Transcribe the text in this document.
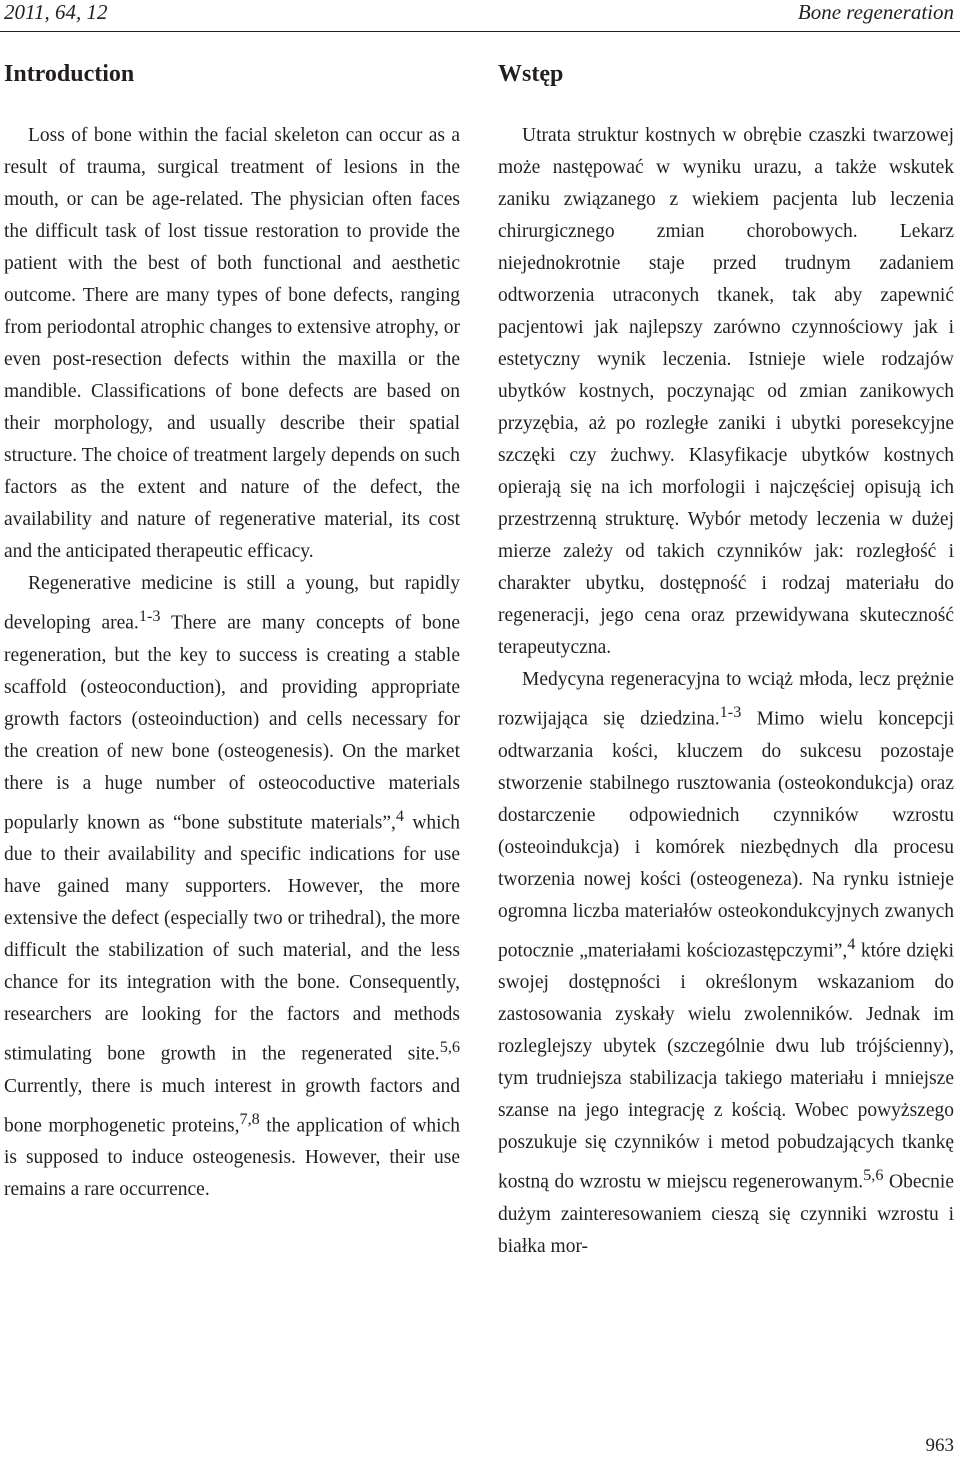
2011, 64, 12	Bone regeneration
Introduction

Loss of bone within the facial skeleton can occur as a result of trauma, surgical treatment of lesions in the mouth, or can be age-related. The physician often faces the difficult task of lost tissue restoration to provide the patient with the best of both functional and aesthetic outcome. There are many types of bone defects, ranging from periodontal atrophic changes to extensive atrophy, or even post-resection defects within the maxilla or the mandible. Classifications of bone defects are based on their morphology, and usually describe their spatial structure. The choice of treatment largely depends on such factors as the extent and nature of the defect, the availability and nature of regenerative material, its cost and the anticipated therapeutic efficacy.

Regenerative medicine is still a young, but rapidly developing area.$^{1-3}$ There are many concepts of bone regeneration, but the key to success is creating a stable scaffold (osteoconduction), and providing appropriate growth factors (osteoinduction) and cells necessary for the creation of new bone (osteogenesis). On the market there is a huge number of osteocoductive materials popularly known as “bone substitute materials”,$^4$ which due to their availability and specific indications for use have gained many supporters. However, the more extensive the defect (especially two or trihedral), the more difficult the stabilization of such material, and the less chance for its integration with the bone. Consequently, researchers are looking for the factors and methods stimulating bone growth in the regenerated site.$^{5,6}$ Currently, there is much interest in growth factors and bone morphogenetic proteins,$^{7,8}$ the application of which is supposed to induce osteogenesis. However, their use remains a rare occurrence.

Wstęp

Utrata struktur kostnych w obrębie czaszki twarzowej może następować w wyniku urazu, a także wskutek zaniku związanego z wiekiem pacjenta lub leczenia chirurgicznego zmian chorobowych. Lekarz niejednokrotnie staje przed trudnym zadaniem odtworzenia utraconych tkanek, tak aby zapewnić pacjentowi jak najlepszy zarówno czynnościowy jak i estetyczny wynik leczenia. Istnieje wiele rodzajów ubytków kostnych, poczynając od zmian zanikowych przyzębia, aż po rozległe zaniki i ubytki poresekcyjne szczęki czy żuchwy. Klasyfikacje ubytków kostnych opierają się na ich morfologii i najczęściej opisują ich przestrzenną strukturę. Wybór metody leczenia w dużej mierze zależy od takich czynników jak: rozległość i charakter ubytku, dostępność i rodzaj materiału do regeneracji, jego cena oraz przewidywana skuteczność terapeutyczna.

Medycyna regeneracyjna to wciąż młoda, lecz prężnie rozwijająca się dziedzina.$^{1-3}$ Mimo wielu koncepcji odtwarzania kości, kluczem do sukcesu pozostaje stworzenie stabilnego rusztowania (osteokondukcja) oraz dostarczenie odpowiednich czynników wzrostu (osteoindukcja) i komórek niezbędnych dla procesu tworzenia nowej kości (osteogeneza). Na rynku istnieje ogromna liczba materiałów osteokondukcyjnych zwanych potocznie „materiałami kościozastępczymi”,$^4$ które dzięki swojej dostępności i określonym wskazaniom do zastosowania zyskały wielu zwolenników. Jednak im rozleglejszy ubytek (szczególnie dwu lub trójścienny), tym trudniejsza stabilizacja takiego materiału i mniejsze szanse na jego integrację z kością. Wobec powyższego poszukuje się czynników i metod pobudzających tkankę kostną do wzrostu w miejscu regenerowanym.$^{5,6}$ Obecnie dużym zainteresowaniem cieszą się czynniki wzrostu i białka mor-

963
